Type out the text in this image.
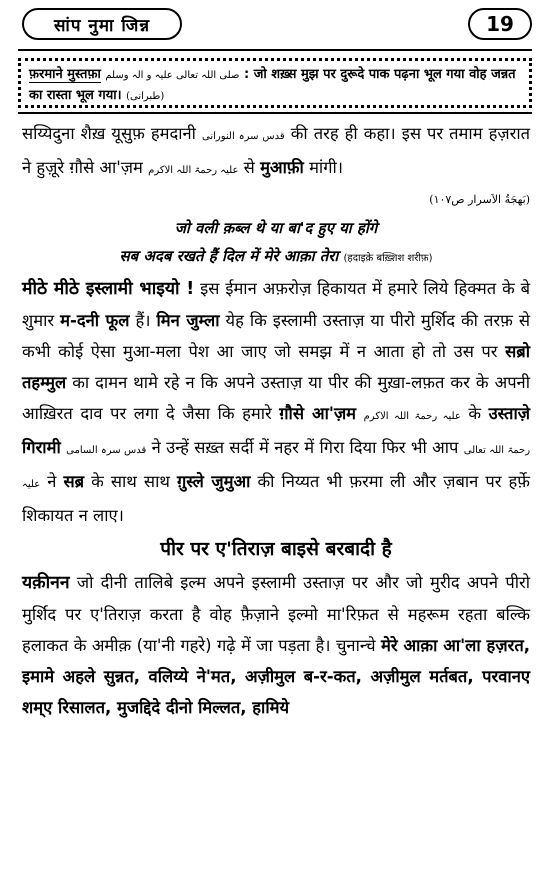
सांप नुमा जिन्न	19
फ़रमाने मुस्तफ़ा صلی اللہ تعالی علیہ و الہ وسلم : जो शख़्स मुझ पर दुरूदे पाक पढ़ना भूल गया वोह जन्नत का रास्ता भूल गया। (طبرانی)

सय्यिदुना शैख़ यूसुफ़ हमदानी قدس سرہ النورانی की तरह ही कहा। इस पर तमाम हज़रात ने हुज़ूरे ग़ौसे आ'ज़म علیہ رحمۃ اللہ الاکرم से मुआफ़ी मांगी।

(بَهجَةُ الاَسرار ص۱۰۷)
जो वली क़ब्ल थे या बा'द हुए या होंगे
सब अदब रखते हैं दिल में मेरे आक़ा तेरा (हदाइक़े बख़्शिश शरीफ़)

मीठे मीठे इस्लामी भाइयो ! इस ईमान अफ़रोज़ हिकायत में हमारे लिये हिक्मत के बे शुमार म-दनी फूल हैं। मिन जुम्ला येह कि इस्लामी उस्ताज़ या पीरो मुर्शिद की तरफ़ से कभी कोई ऐसा मुआ-मला पेश आ जाए जो समझ में न आता हो तो उस पर सब्रो तहम्मुल का दामन थामे रहे न कि अपने उस्ताज़ या पीर की मुख़ा-लफ़त कर के अपनी आख़िरत दाव पर लगा दे जैसा कि हमारे ग़ौसे आ'ज़म علیہ رحمۃ اللہ الاکرم के उस्ताज़े गिरामी قدس سرہ السامی ने उन्हें सख़्त सर्दी में नहर में गिरा दिया फिर भी आप رحمۃ اللہ تعالی علیہ ने सब्र के साथ साथ ग़ुस्ले जुमुआ की निय्यत भी फ़रमा ली और ज़बान पर हर्फ़े शिकायत न लाए।

पीर पर ए'तिराज़ बाइसे बरबादी है

यक़ीनन जो दीनी तालिबे इल्म अपने इस्लामी उस्ताज़ पर और जो मुरीद अपने पीरो मुर्शिद पर ए'तिराज़ करता है वोह फ़ैज़ाने इल्मो मा'रिफ़त से महरूम रहता बल्कि हलाकत के अमीक़ (या'नी गहरे) गढ़े में जा पड़ता है। चुनान्चे मेरे आक़ा आ'ला हज़रत, इमामे अहले सुन्नत, वलिय्ये ने'मत, अज़ीमुल ब-र-कत, अज़ीमुल मर्तबत, परवानए शम्ए रिसालत, मुजद्दिदे दीनो मिल्लत, हामिये
